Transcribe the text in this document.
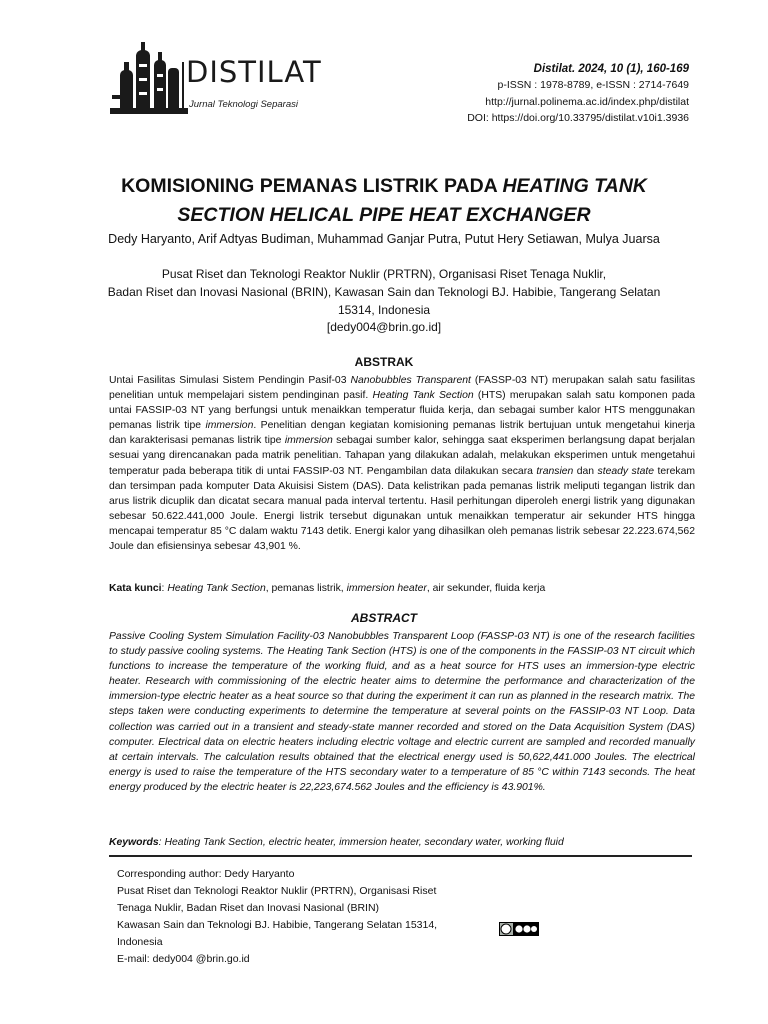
DISTILAT
Jurnal Teknologi Separasi
Distilat. 2024, 10 (1), 160-169
p-ISSN : 1978-8789, e-ISSN : 2714-7649
http://jurnal.polinema.ac.id/index.php/distilat
DOI: https://doi.org/10.33795/distilat.v10i1.3936
KOMISIONING PEMANAS LISTRIK PADA HEATING TANK SECTION HELICAL PIPE HEAT EXCHANGER
Dedy Haryanto, Arif Adtyas Budiman, Muhammad Ganjar Putra, Putut Hery Setiawan, Mulya Juarsa
Pusat Riset dan Teknologi Reaktor Nuklir (PRTRN), Organisasi Riset Tenaga Nuklir,
Badan Riset dan Inovasi Nasional (BRIN), Kawasan Sain dan Teknologi BJ. Habibie, Tangerang Selatan
15314, Indonesia
[dedy004@brin.go.id]
ABSTRAK
Untai Fasilitas Simulasi Sistem Pendingin Pasif-03 Nanobubbles Transparent (FASSP-03 NT) merupakan salah satu fasilitas penelitian untuk mempelajari sistem pendinginan pasif. Heating Tank Section (HTS) merupakan salah satu komponen pada untai FASSIP-03 NT yang berfungsi untuk menaikkan temperatur fluida kerja, dan sebagai sumber kalor HTS menggunakan pemanas listrik tipe immersion. Penelitian dengan kegiatan komisioning pemanas listrik bertujuan untuk mengetahui kinerja dan karakterisasi pemanas listrik tipe immersion sebagai sumber kalor, sehingga saat eksperimen berlangsung dapat berjalan sesuai yang direncanakan pada matrik penelitian. Tahapan yang dilakukan adalah, melakukan eksperimen untuk mengetahui temperatur pada beberapa titik di untai FASSIP-03 NT. Pengambilan data dilakukan secara transien dan steady state terekam dan tersimpan pada komputer Data Akuisisi Sistem (DAS). Data kelistrikan pada pemanas listrik meliputi tegangan listrik dan arus listrik dicuplik dan dicatat secara manual pada interval tertentu. Hasil perhitungan diperoleh energi listrik yang digunakan sebesar 50.622.441,000 Joule. Energi listrik tersebut digunakan untuk menaikkan temperatur air sekunder HTS hingga mencapai temperatur 85 °C dalam waktu 7143 detik. Energi kalor yang dihasilkan oleh pemanas listrik sebesar 22.223.674,562 Joule dan efisiensinya sebesar 43,901 %.
Kata kunci: Heating Tank Section, pemanas listrik, immersion heater, air sekunder, fluida kerja
ABSTRACT
Passive Cooling System Simulation Facility-03 Nanobubbles Transparent Loop (FASSP-03 NT) is one of the research facilities to study passive cooling systems. The Heating Tank Section (HTS) is one of the components in the FASSIP-03 NT circuit which functions to increase the temperature of the working fluid, and as a heat source for HTS uses an immersion-type electric heater. Research with commissioning of the electric heater aims to determine the performance and characterization of the immersion-type electric heater as a heat source so that during the experiment it can run as planned in the research matrix. The steps taken were conducting experiments to determine the temperature at several points on the FASSIP-03 NT Loop. Data collection was carried out in a transient and steady-state manner recorded and stored on the Data Acquisition System (DAS) computer. Electrical data on electric heaters including electric voltage and electric current are sampled and recorded manually at certain intervals. The calculation results obtained that the electrical energy used is 50,622,441.000 Joules. The electrical energy is used to raise the temperature of the HTS secondary water to a temperature of 85 °C within 7143 seconds. The heat energy produced by the electric heater is 22,223,674.562 Joules and the efficiency is 43.901%.
Keywords: Heating Tank Section, electric heater, immersion heater, secondary water, working fluid
Corresponding author: Dedy Haryanto
Pusat Riset dan Teknologi Reaktor Nuklir (PRTRN), Organisasi Riset
Tenaga Nuklir, Badan Riset dan Inovasi Nasional (BRIN)
Kawasan Sain dan Teknologi BJ. Habibie, Tangerang Selatan 15314,
Indonesia
E-mail: dedy004 @brin.go.id
